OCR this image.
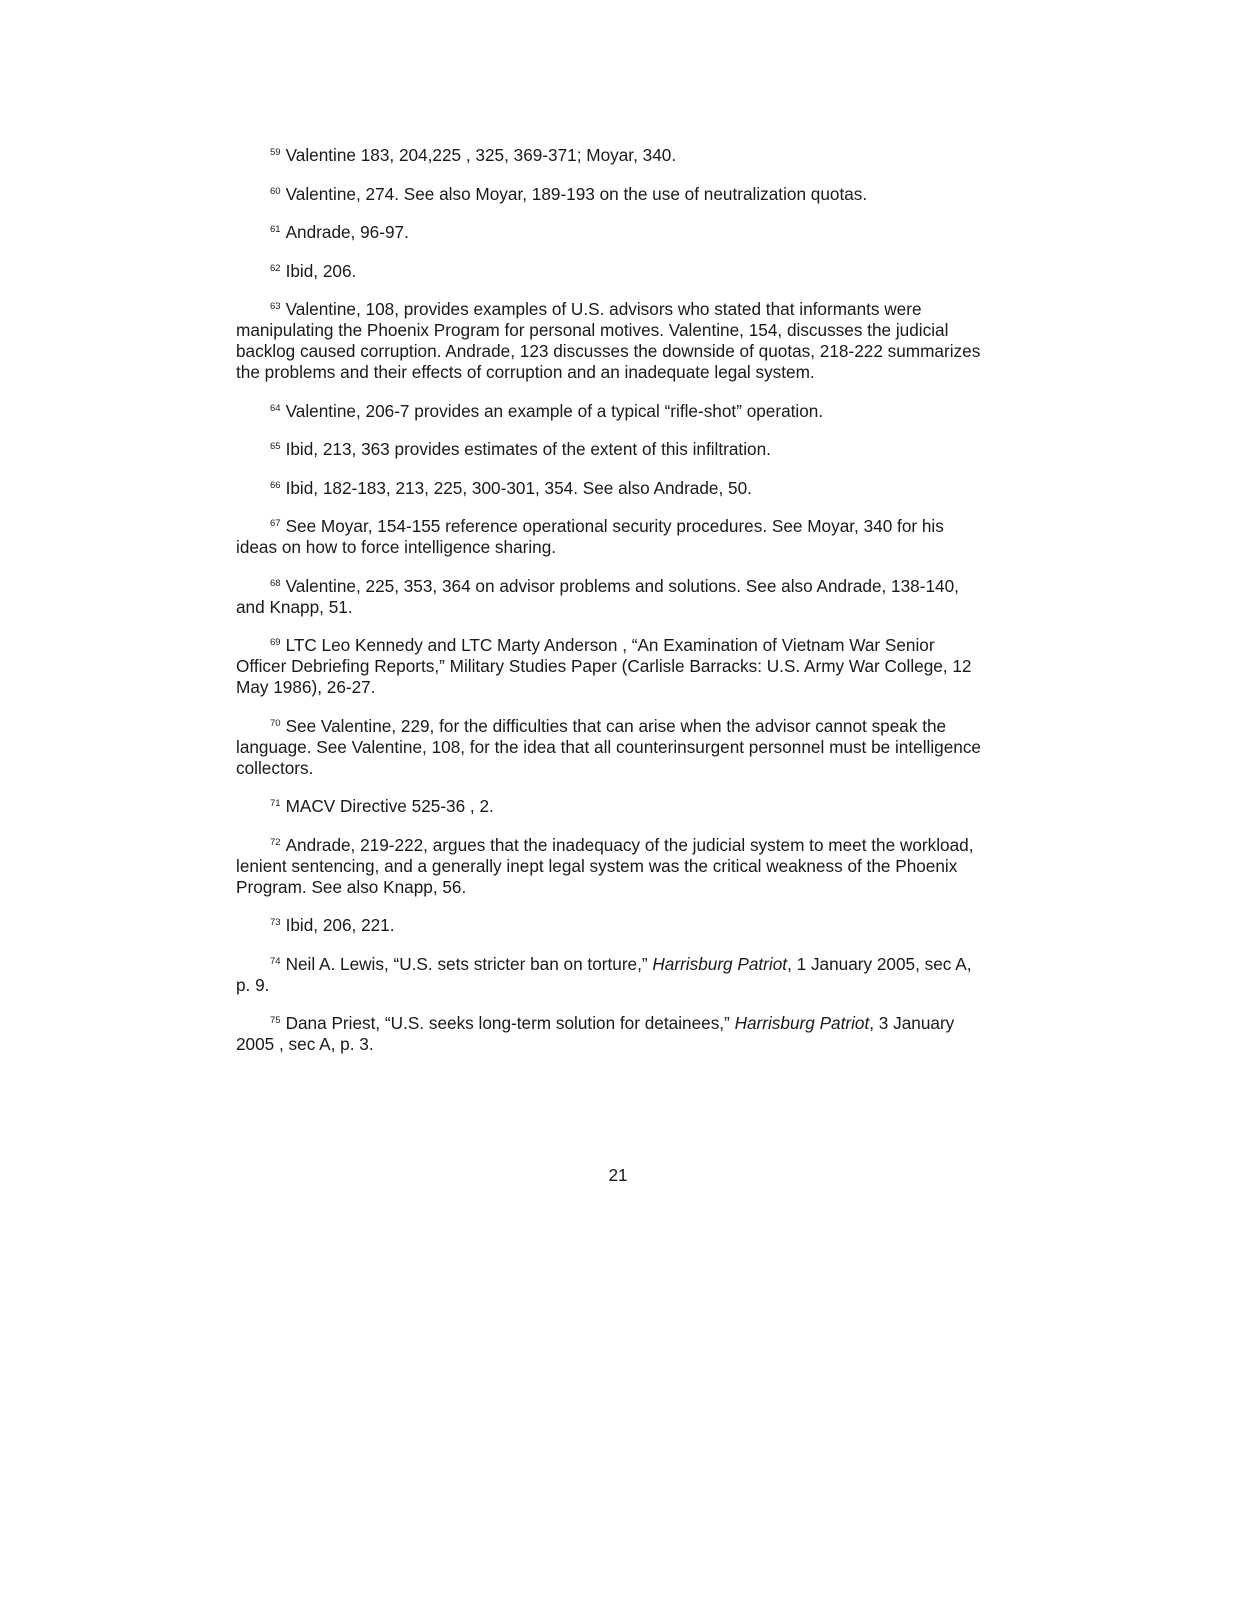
$^{59}$ Valentine 183, 204,225 , 325, 369-371; Moyar, 340.

$^{60}$ Valentine, 274. See also Moyar, 189-193 on the use of neutralization quotas.

$^{61}$ Andrade, 96-97.

$^{62}$ Ibid, 206.

$^{63}$ Valentine, 108, provides examples of U.S. advisors who stated that informants were manipulating the Phoenix Program for personal motives. Valentine, 154, discusses the judicial backlog caused corruption. Andrade, 123 discusses the downside of quotas, 218-222 summarizes the problems and their effects of corruption and an inadequate legal system.

$^{64}$ Valentine, 206-7 provides an example of a typical “rifle-shot” operation.

$^{65}$ Ibid, 213, 363 provides estimates of the extent of this infiltration.

$^{66}$ Ibid, 182-183, 213, 225, 300-301, 354. See also Andrade, 50.

$^{67}$ See Moyar, 154-155 reference operational security procedures. See Moyar, 340 for his ideas on how to force intelligence sharing.

$^{68}$ Valentine, 225, 353, 364 on advisor problems and solutions. See also Andrade, 138-140, and Knapp, 51.

$^{69}$ LTC Leo Kennedy and LTC Marty Anderson , “An Examination of Vietnam War Senior Officer Debriefing Reports,” Military Studies Paper (Carlisle Barracks: U.S. Army War College, 12 May 1986), 26-27.

$^{70}$ See Valentine, 229, for the difficulties that can arise when the advisor cannot speak the language. See Valentine, 108, for the idea that all counterinsurgent personnel must be intelligence collectors.

$^{71}$ MACV Directive 525-36 , 2.

$^{72}$ Andrade, 219-222, argues that the inadequacy of the judicial system to meet the workload, lenient sentencing, and a generally inept legal system was the critical weakness of the Phoenix Program. See also Knapp, 56.

$^{73}$ Ibid, 206, 221.

$^{74}$ Neil A. Lewis, “U.S. sets stricter ban on torture,” Harrisburg Patriot, 1 January 2005, sec A, p. 9.

$^{75}$ Dana Priest, “U.S. seeks long-term solution for detainees,” Harrisburg Patriot, 3 January 2005 , sec A, p. 3.

21
